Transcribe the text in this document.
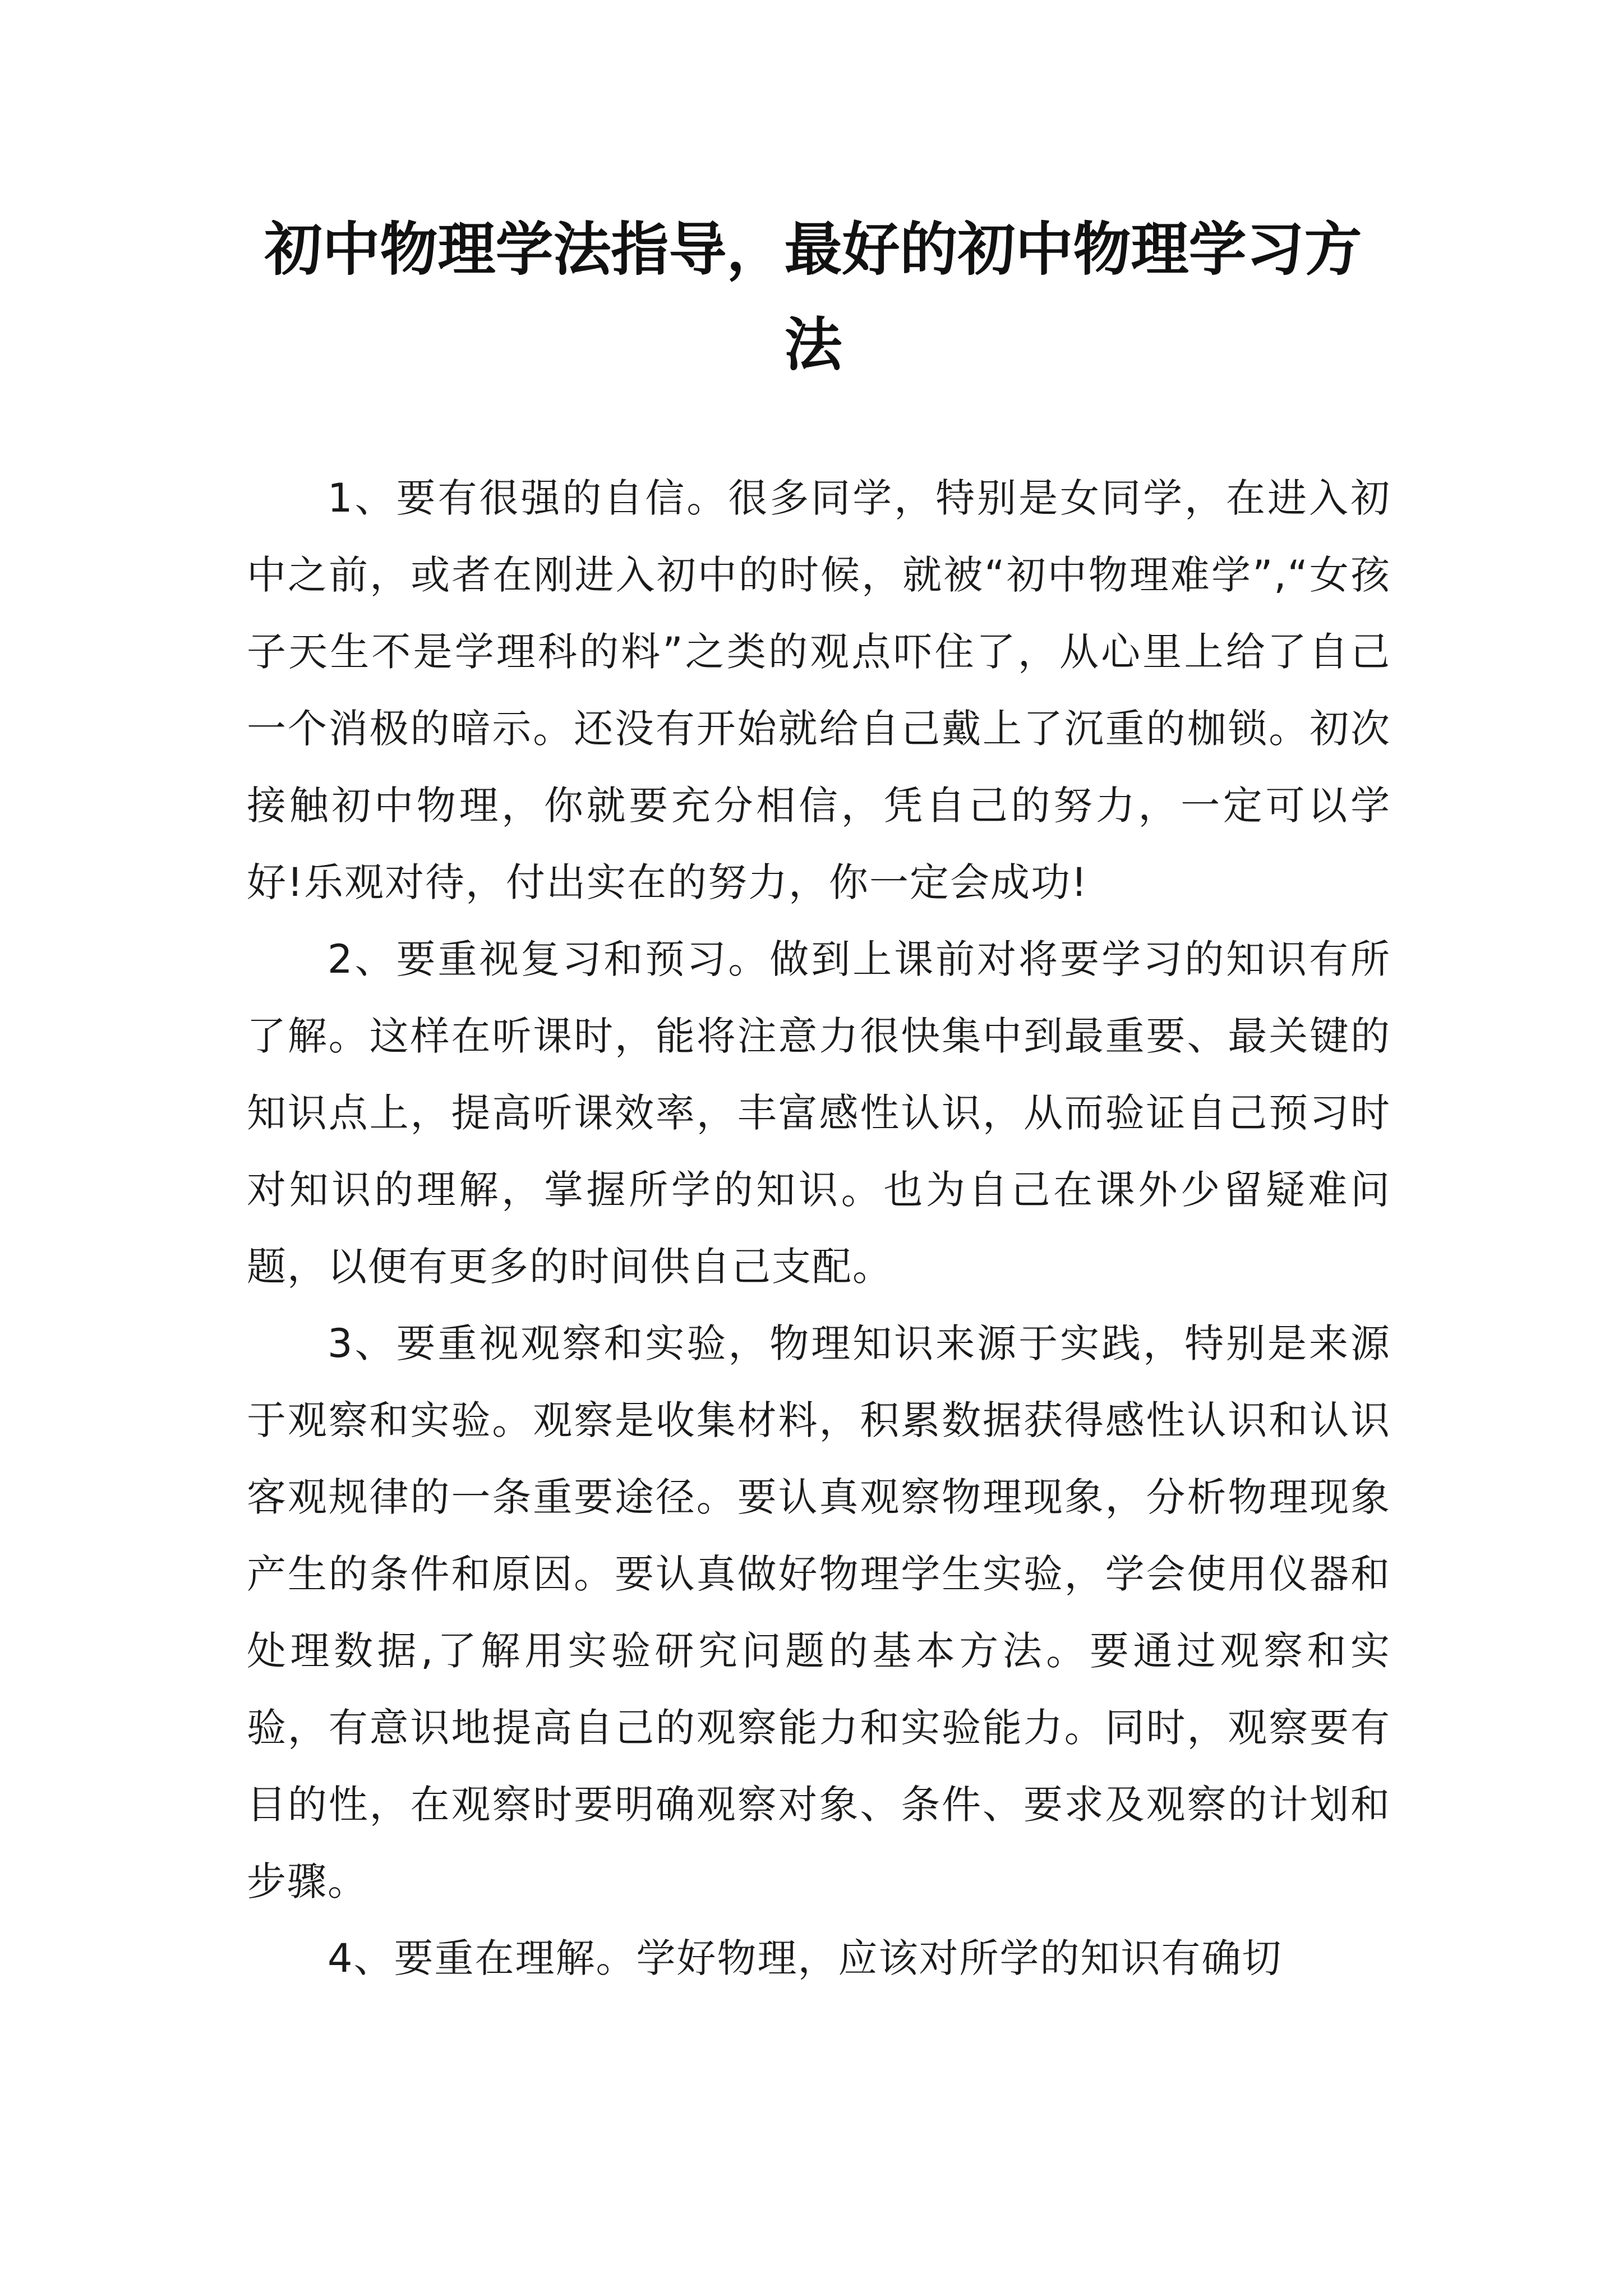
初中物理学法指导，最好的初中物理学习方法

1、要有很强的自信。很多同学，特别是女同学，在进入初中之前，或者在刚进入初中的时候，就被“初中物理难学”,“女孩子天生不是学理科的料”之类的观点吓住了，从心里上给了自己一个消极的暗示。还没有开始就给自己戴上了沉重的枷锁。初次接触初中物理，你就要充分相信，凭自己的努力，一定可以学好!乐观对待，付出实在的努力，你一定会成功!

2、要重视复习和预习。做到上课前对将要学习的知识有所了解。这样在听课时，能将注意力很快集中到最重要、最关键的知识点上，提高听课效率，丰富感性认识，从而验证自己预习时对知识的理解，掌握所学的知识。也为自己在课外少留疑难问题，以便有更多的时间供自己支配。

3、要重视观察和实验，物理知识来源于实践，特别是来源于观察和实验。观察是收集材料，积累数据获得感性认识和认识客观规律的一条重要途径。要认真观察物理现象，分析物理现象产生的条件和原因。要认真做好物理学生实验，学会使用仪器和处理数据,了解用实验研究问题的基本方法。要通过观察和实验，有意识地提高自己的观察能力和实验能力。同时，观察要有目的性，在观察时要明确观察对象、条件、要求及观察的计划和步骤。

4、要重在理解。学好物理，应该对所学的知识有确切
